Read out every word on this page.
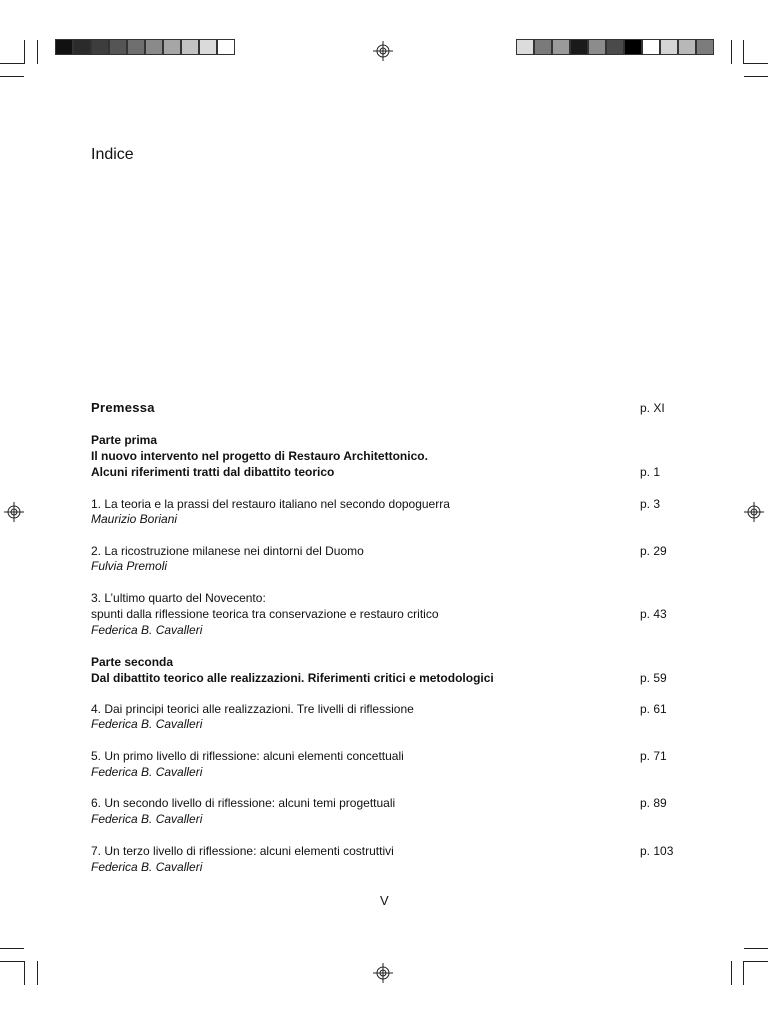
Indice
Premessa	p. XI
Parte prima
Il nuovo intervento nel progetto di Restauro Architettonico.
Alcuni riferimenti tratti dal dibattito teorico	p. 1
1. La teoria e la prassi del restauro italiano nel secondo dopoguerra	p. 3
Maurizio Boriani
2. La ricostruzione milanese nei dintorni del Duomo	p. 29
Fulvia Premoli
3. L’ultimo quarto del Novecento:
spunti dalla riflessione teorica tra conservazione e restauro critico	p. 43
Federica B. Cavalleri
Parte seconda
Dal dibattito teorico alle realizzazioni. Riferimenti critici e metodologici	p. 59
4. Dai principi teorici alle realizzazioni. Tre livelli di riflessione	p. 61
Federica B. Cavalleri
5. Un primo livello di riflessione: alcuni elementi concettuali	p. 71
Federica B. Cavalleri
6. Un secondo livello di riflessione: alcuni temi progettuali	p. 89
Federica B. Cavalleri
7. Un terzo livello di riflessione: alcuni elementi costruttivi	p. 103
Federica B. Cavalleri
V
